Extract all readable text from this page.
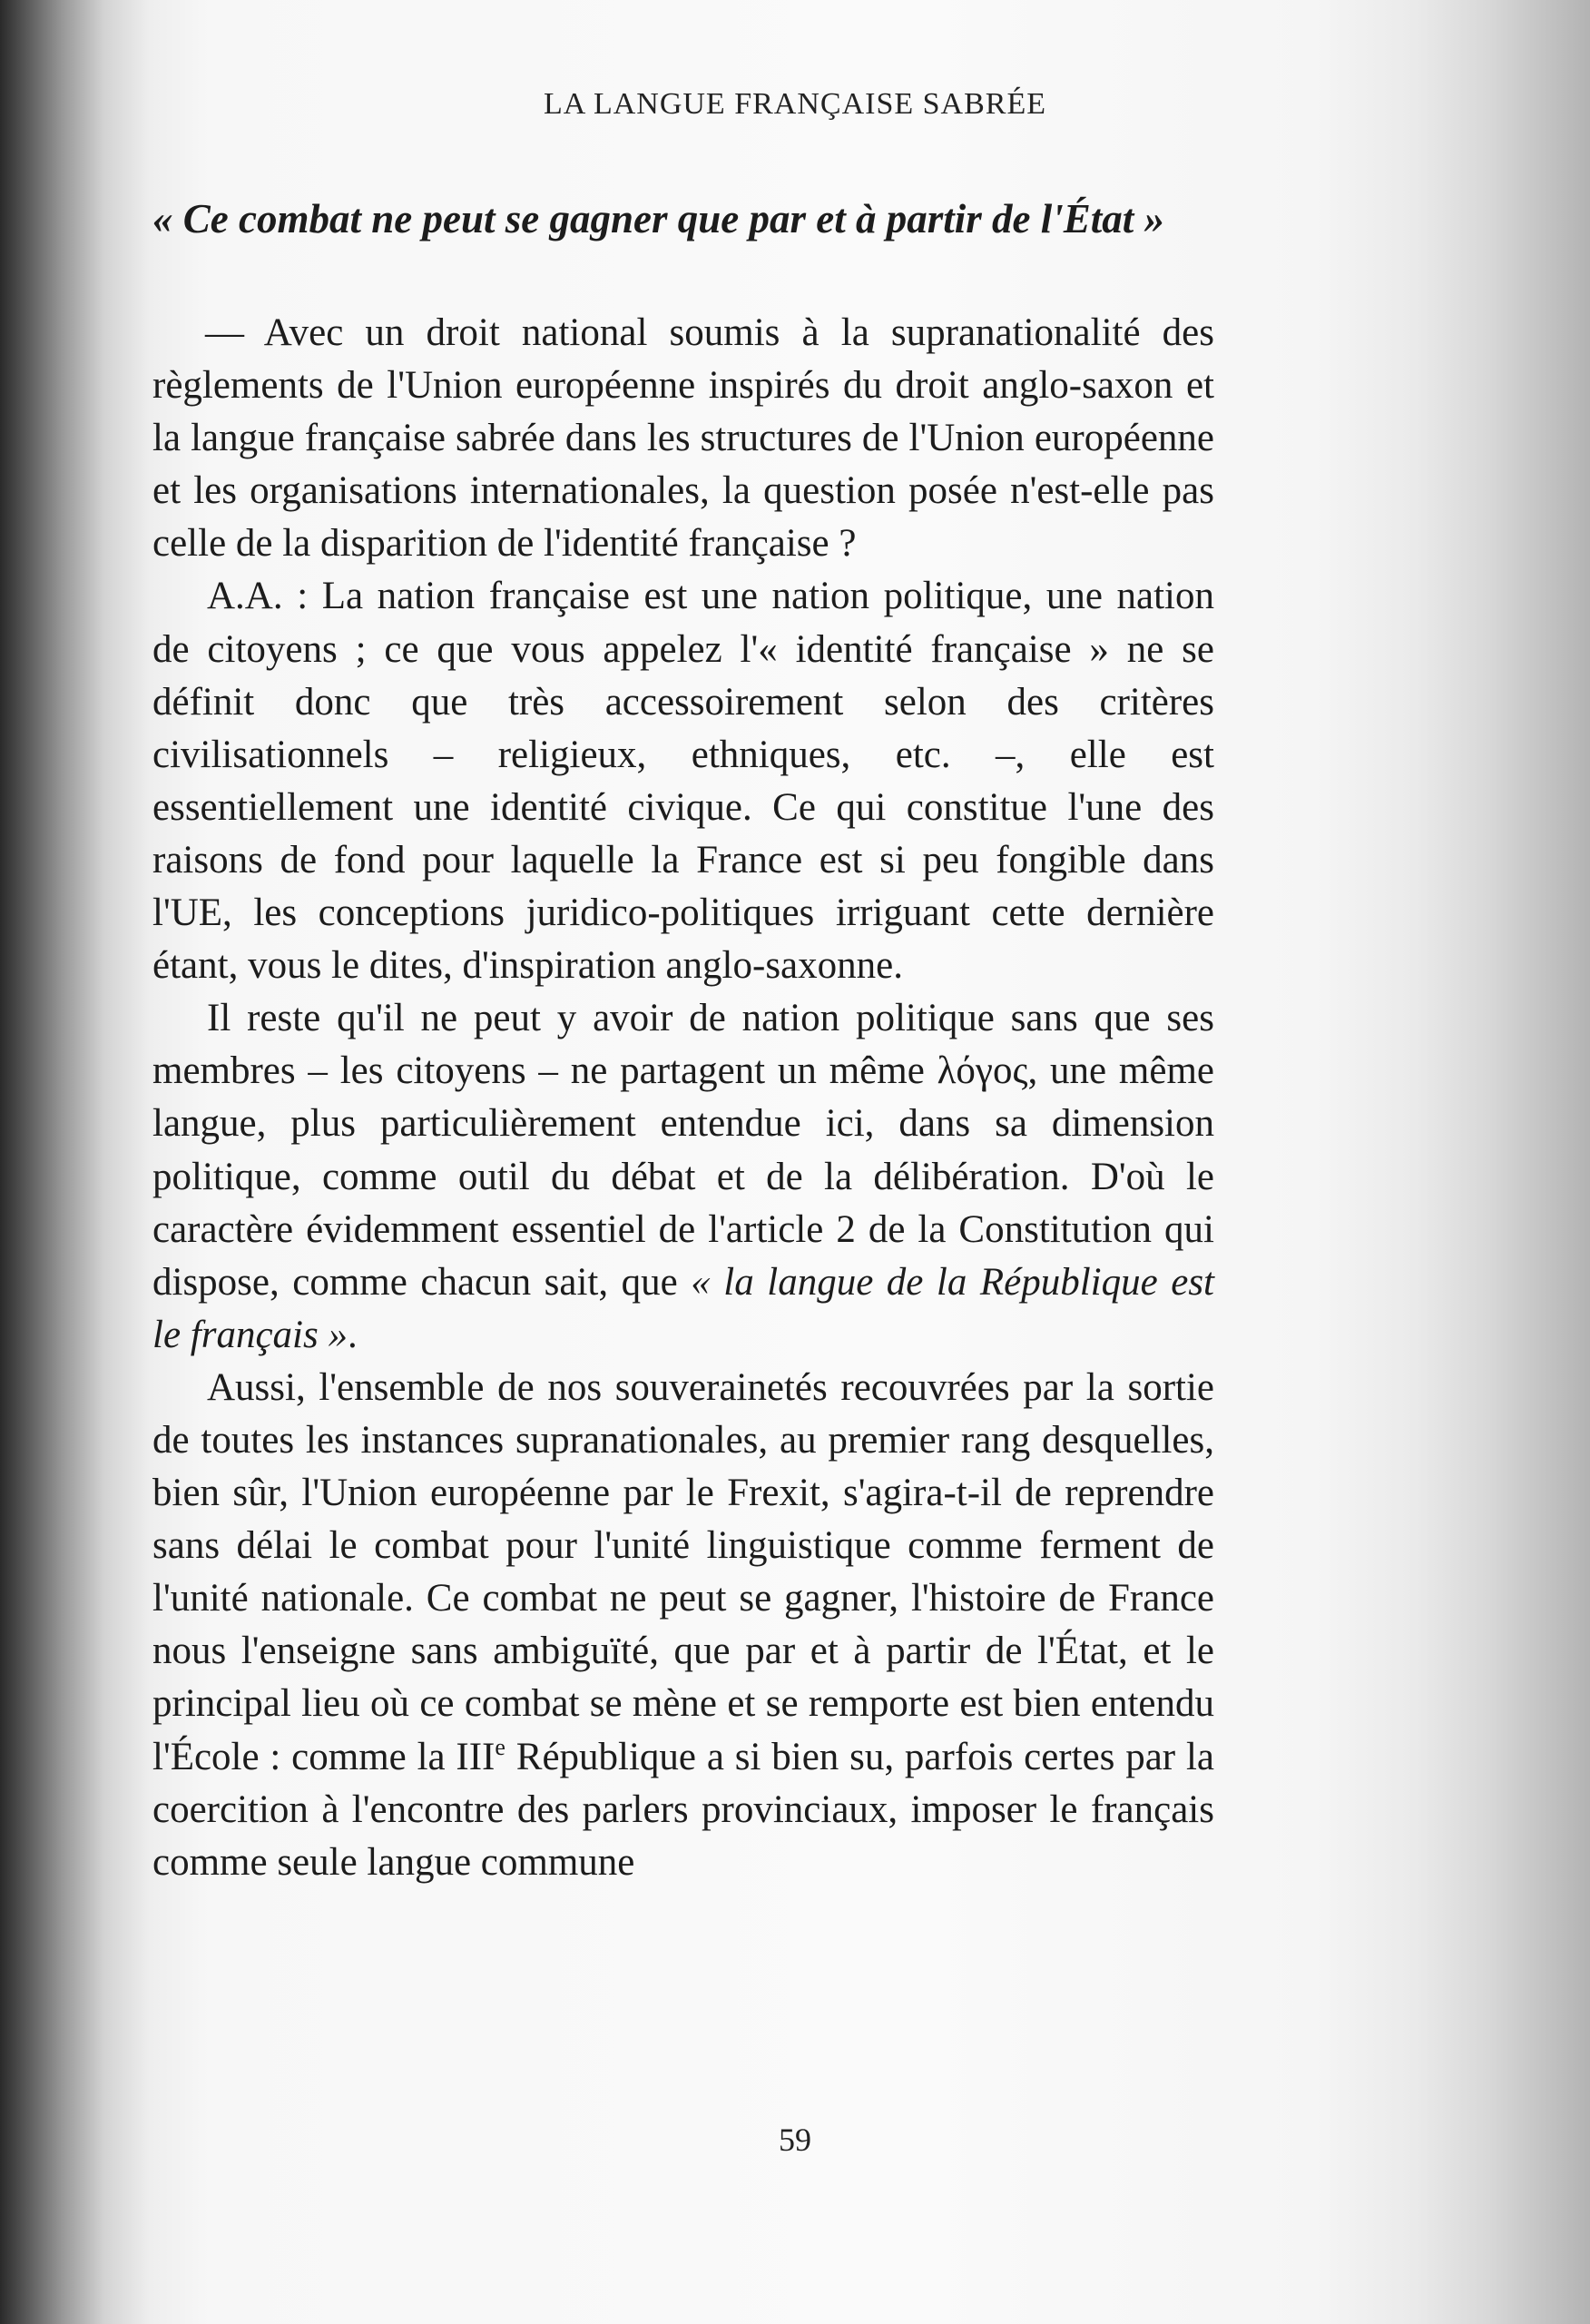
LA LANGUE FRANÇAISE SABRÉE
« Ce combat ne peut se gagner que par et à partir de l'État »

— Avec un droit national soumis à la supranationalité des règlements de l'Union européenne inspirés du droit anglo-saxon et la langue française sabrée dans les structures de l'Union européenne et les organisations internationales, la question posée n'est-elle pas celle de la disparition de l'identité française ?

A.A. : La nation française est une nation politique, une nation de citoyens ; ce que vous appelez l'« identité française » ne se définit donc que très accessoirement selon des critères civilisationnels – religieux, ethniques, etc. –, elle est essentiellement une identité civique. Ce qui constitue l'une des raisons de fond pour laquelle la France est si peu fongible dans l'UE, les conceptions juridico-politiques irriguant cette dernière étant, vous le dites, d'inspiration anglo-saxonne.

Il reste qu'il ne peut y avoir de nation politique sans que ses membres – les citoyens – ne partagent un même λόγος, une même langue, plus particulièrement entendue ici, dans sa dimension politique, comme outil du débat et de la délibération. D'où le caractère évidemment essentiel de l'article 2 de la Constitution qui dispose, comme chacun sait, que « la langue de la République est le français ».

Aussi, l'ensemble de nos souverainetés recouvrées par la sortie de toutes les instances supranationales, au premier rang desquelles, bien sûr, l'Union européenne par le Frexit, s'agira-t-il de reprendre sans délai le combat pour l'unité linguistique comme ferment de l'unité nationale. Ce combat ne peut se gagner, l'histoire de France nous l'enseigne sans ambiguïté, que par et à partir de l'État, et le principal lieu où ce combat se mène et se remporte est bien entendu l'École : comme la IIIe République a si bien su, parfois certes par la coercition à l'encontre des parlers provinciaux, imposer le français comme seule langue commune

59
